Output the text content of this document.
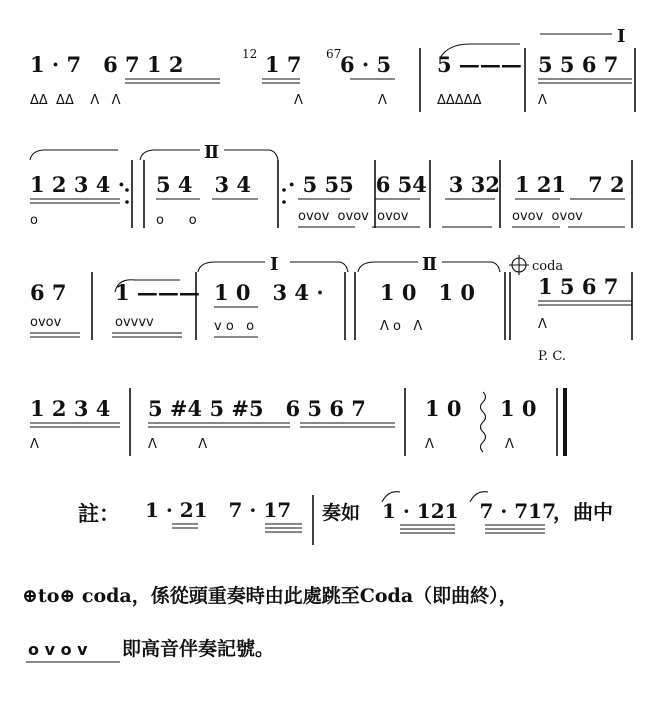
Ⅰ
1 · 7   6 7 1 2	1 7 6 · 5 5 ——— 5 5 6 7
12	67
ΔΔ  ΔΔ    Λ   Λ	Λ	Λ	ΔΔΔΔΔ	Λ
Ⅱ
1 2 3 4 · 5 4   3 4 · 5 55   6 54   3 32 1 21   7 2
o	o      o	ovov  ovov  ovov	ovov  ovov
Ⅰ	Ⅱ	coda
6 7 1 ——— 1 0   3 4 ·	1 0   1 0	1 5 6 7
ovov	ovvvv	v o   o	Λ o   Λ	Λ
P. C.
1 2 3 4 5 #4 5 #5   6 5 6 7	1 0 1 0
Λ	Λ          Λ	Λ	Λ
註： 1 · 21   7 · 17 奏如 1 · 121   7 · 717
，曲中
⊕to⊕ coda，係從頭重奏時由此處跳至Coda（即曲終），
o v o v 即高音伴奏記號。
